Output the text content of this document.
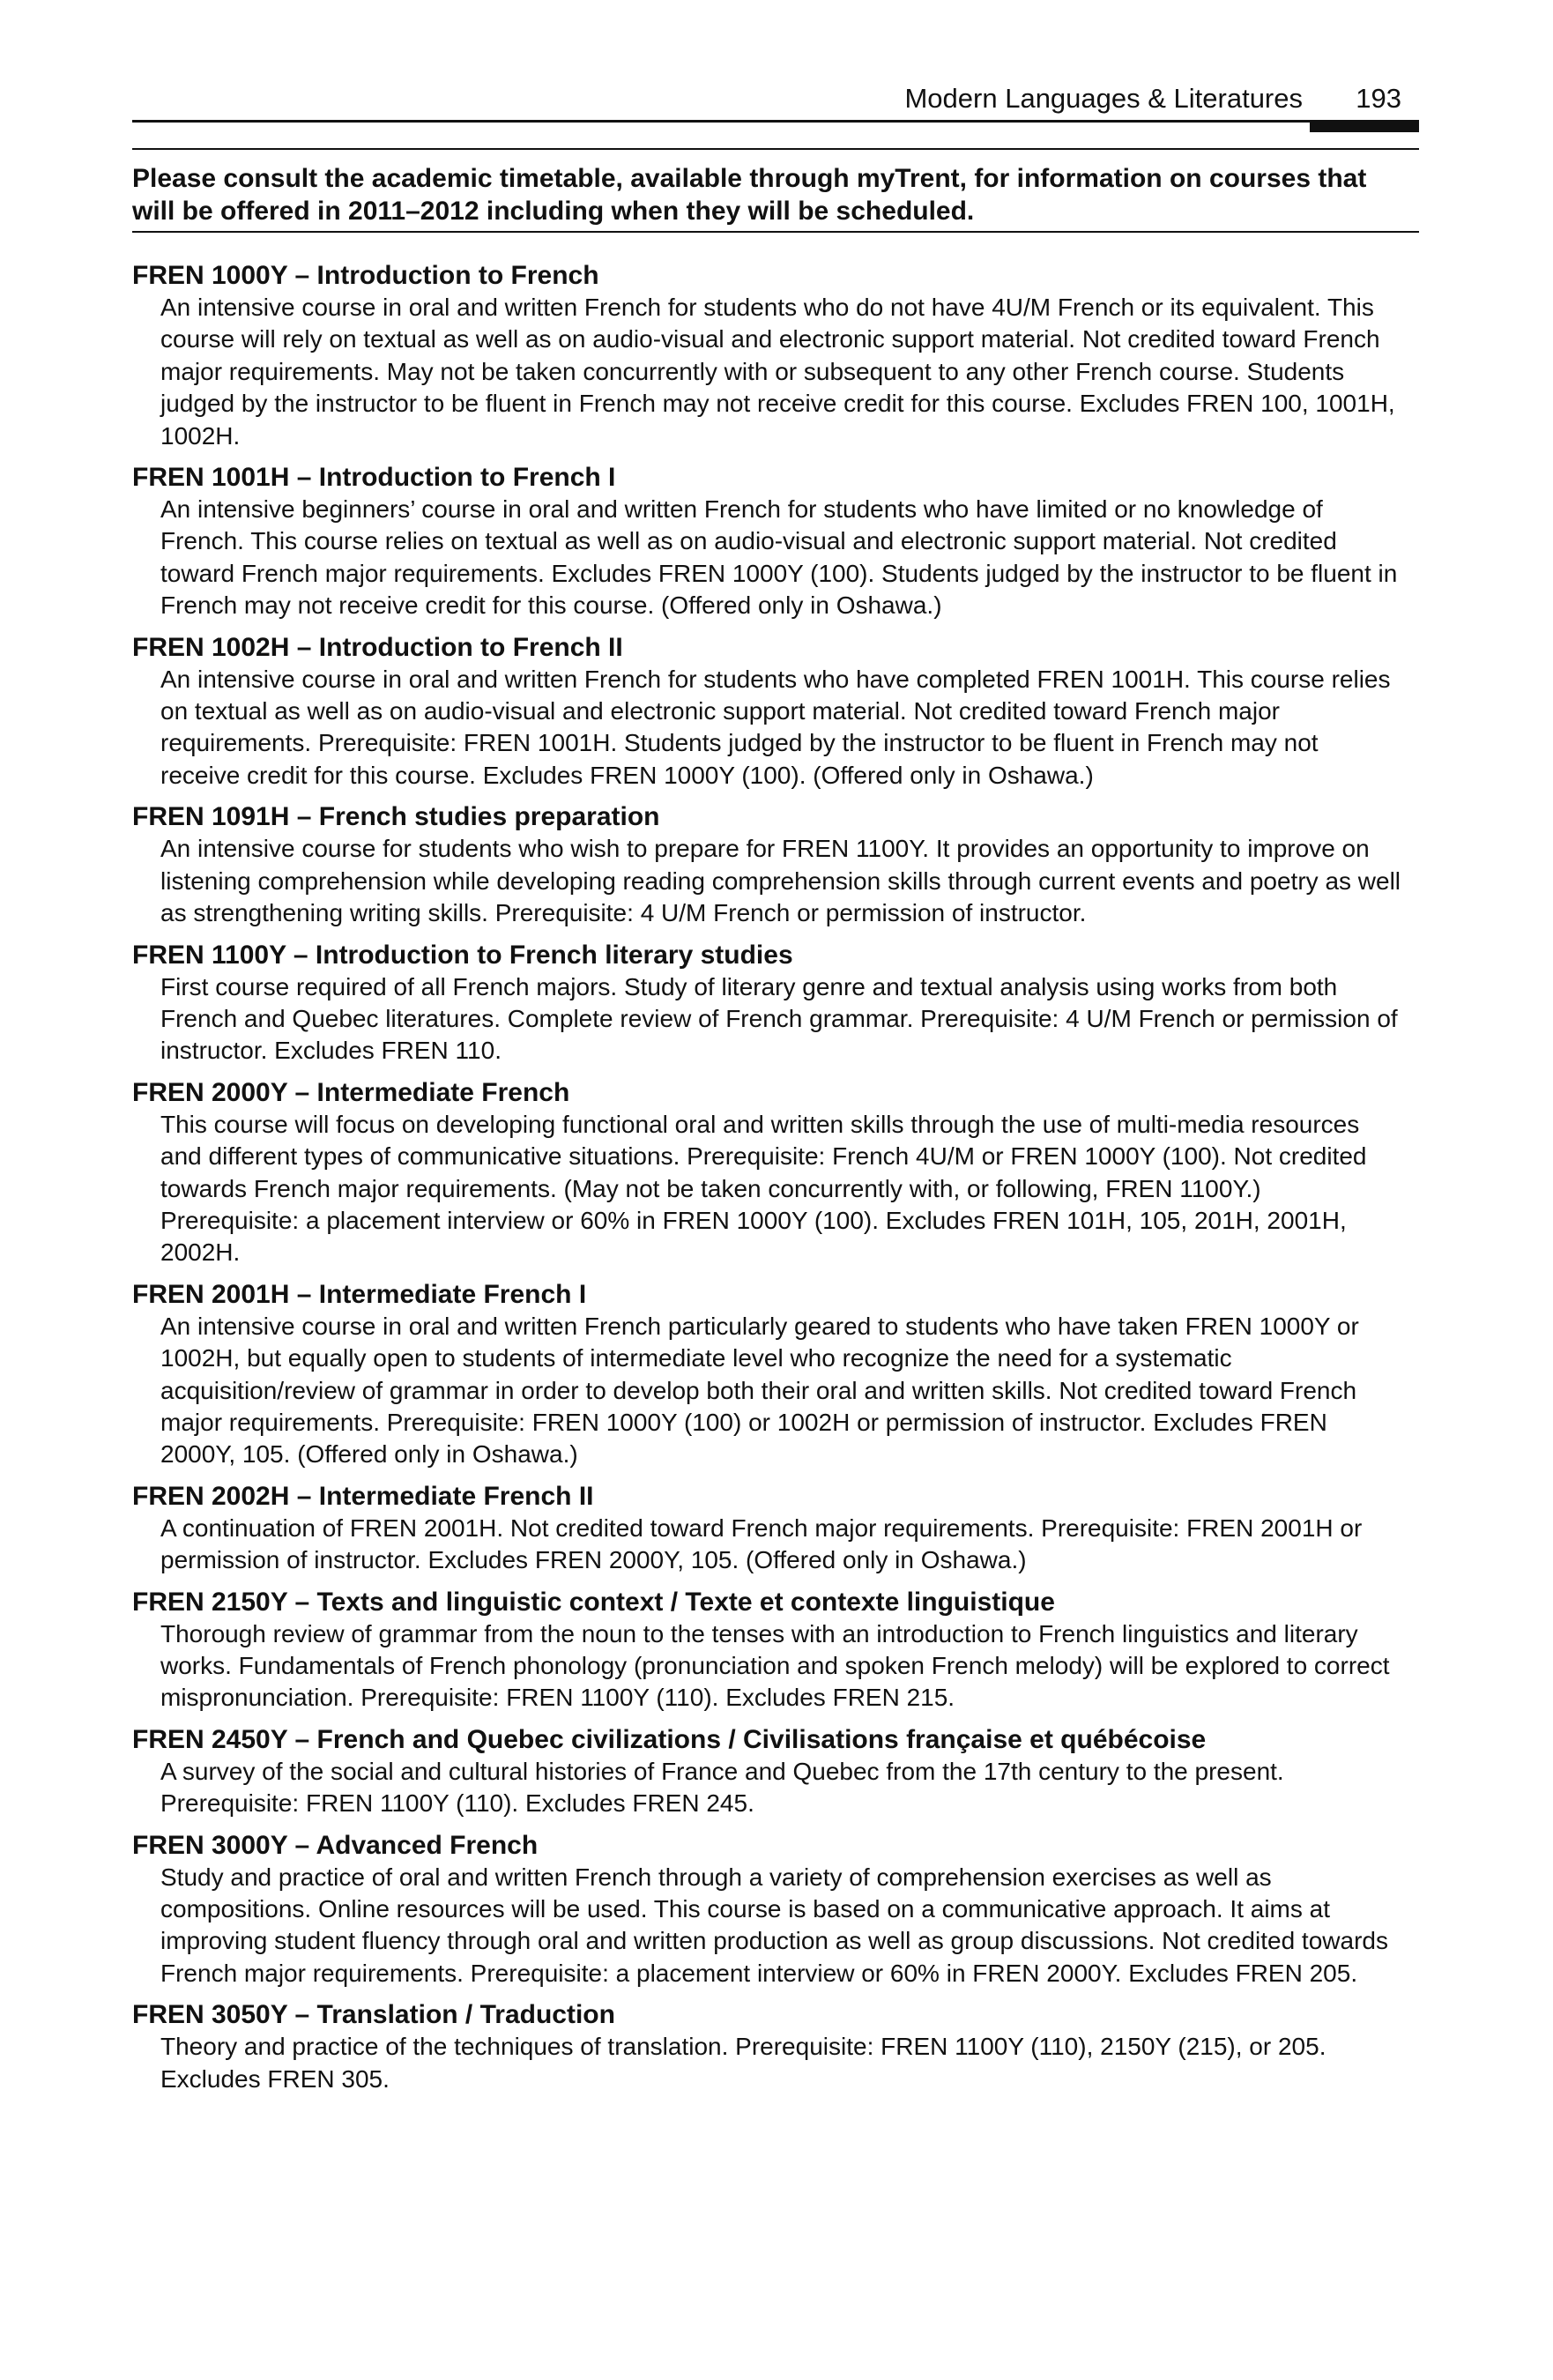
Modern Languages & Literatures 193
Please consult the academic timetable, available through myTrent, for information on courses that will be offered in 2011–2012 including when they will be scheduled.
FREN 1000Y – Introduction to French
An intensive course in oral and written French for students who do not have 4U/M French or its equivalent. This course will rely on textual as well as on audio-visual and electronic support material. Not credited toward French major requirements. May not be taken concurrently with or subsequent to any other French course. Students judged by the instructor to be fluent in French may not receive credit for this course. Excludes FREN 100, 1001H, 1002H.
FREN 1001H – Introduction to French I
An intensive beginners’ course in oral and written French for students who have limited or no knowledge of French. This course relies on textual as well as on audio-visual and electronic support material. Not credited toward French major requirements. Excludes FREN 1000Y (100). Students judged by the instructor to be fluent in French may not receive credit for this course. (Offered only in Oshawa.)
FREN 1002H – Introduction to French II
An intensive course in oral and written French for students who have completed FREN 1001H. This course relies on textual as well as on audio-visual and electronic support material. Not credited toward French major requirements. Prerequisite: FREN 1001H. Students judged by the instructor to be fluent in French may not receive credit for this course. Excludes FREN 1000Y (100). (Offered only in Oshawa.)
FREN 1091H – French studies preparation
An intensive course for students who wish to prepare for FREN 1100Y. It provides an opportunity to improve on listening comprehension while developing reading comprehension skills through current events and poetry as well as strengthening writing skills. Prerequisite: 4 U/M French or permission of instructor.
FREN 1100Y – Introduction to French literary studies
First course required of all French majors. Study of literary genre and textual analysis using works from both French and Quebec literatures. Complete review of French grammar. Prerequisite: 4 U/M French or permission of instructor. Excludes FREN 110.
FREN 2000Y – Intermediate French
This course will focus on developing functional oral and written skills through the use of multi-media resources and different types of communicative situations. Prerequisite: French 4U/M or FREN 1000Y (100). Not credited towards French major requirements. (May not be taken concurrently with, or following, FREN 1100Y.) Prerequisite: a placement interview or 60% in FREN 1000Y (100). Excludes FREN 101H, 105, 201H, 2001H, 2002H.
FREN 2001H – Intermediate French I
An intensive course in oral and written French particularly geared to students who have taken FREN 1000Y or 1002H, but equally open to students of intermediate level who recognize the need for a systematic acquisition/review of grammar in order to develop both their oral and written skills. Not credited toward French major requirements. Prerequisite: FREN 1000Y (100) or 1002H or permission of instructor. Excludes FREN 2000Y, 105. (Offered only in Oshawa.)
FREN 2002H – Intermediate French II
A continuation of FREN 2001H. Not credited toward French major requirements. Prerequisite: FREN 2001H or permission of instructor. Excludes FREN 2000Y, 105. (Offered only in Oshawa.)
FREN 2150Y – Texts and linguistic context / Texte et contexte linguistique
Thorough review of grammar from the noun to the tenses with an introduction to French linguistics and literary works. Fundamentals of French phonology (pronunciation and spoken French melody) will be explored to correct mispronunciation. Prerequisite: FREN 1100Y (110). Excludes FREN 215.
FREN 2450Y – French and Quebec civilizations / Civilisations française et québécoise
A survey of the social and cultural histories of France and Quebec from the 17th century to the present. Prerequisite: FREN 1100Y (110). Excludes FREN 245.
FREN 3000Y – Advanced French
Study and practice of oral and written French through a variety of comprehension exercises as well as compositions. Online resources will be used. This course is based on a communicative approach. It aims at improving student fluency through oral and written production as well as group discussions. Not credited towards French major requirements. Prerequisite: a placement interview or 60% in FREN 2000Y. Excludes FREN 205.
FREN 3050Y – Translation / Traduction
Theory and practice of the techniques of translation. Prerequisite: FREN 1100Y (110), 2150Y (215), or 205. Excludes FREN 305.
